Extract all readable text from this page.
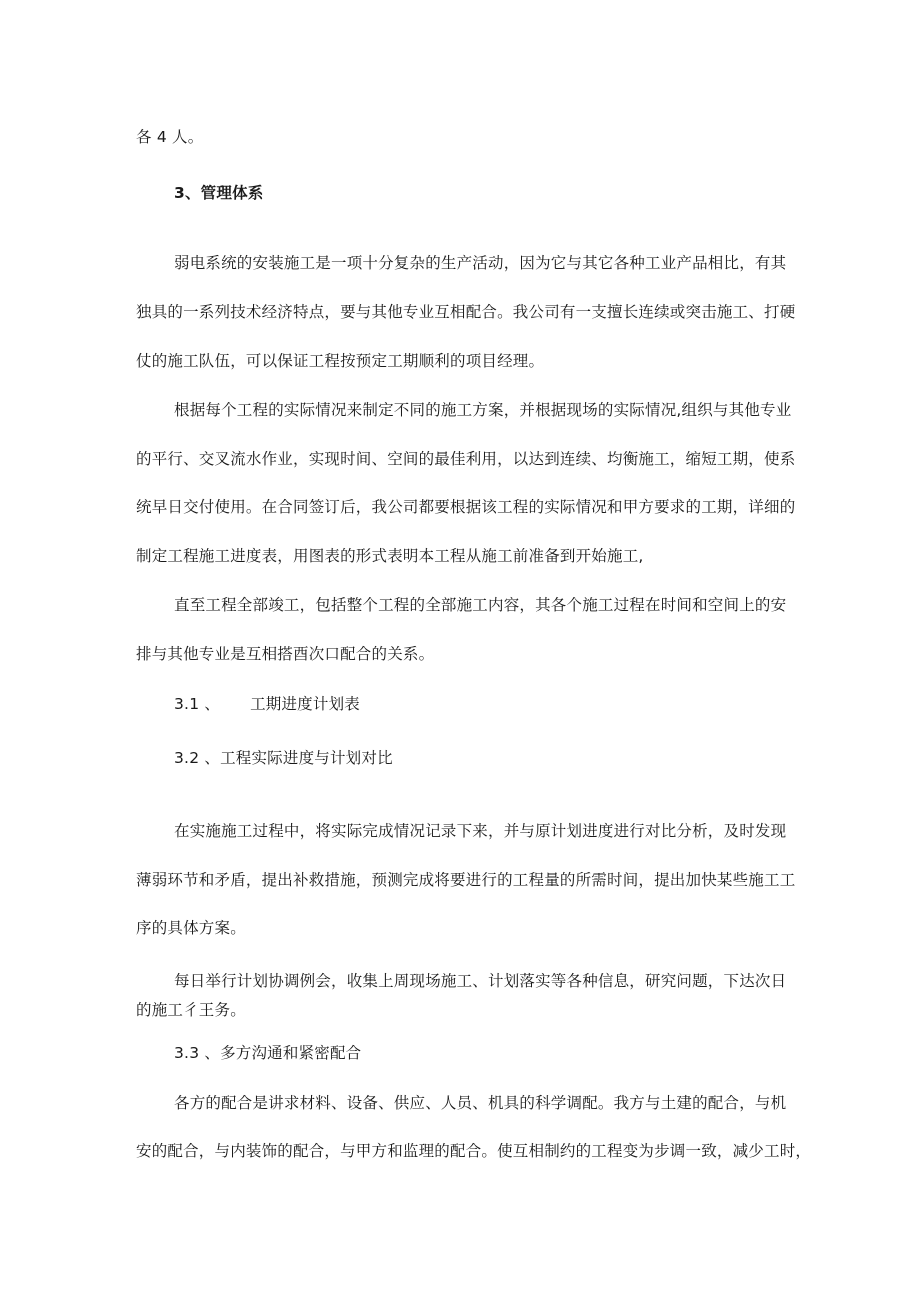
各 4 人。
3、管理体系
弱电系统的安装施工是一项十分复杂的生产活动，因为它与其它各种工业产品相比，有其
独具的一系列技术经济特点，要与其他专业互相配合。我公司有一支擅长连续或突击施工、打硬
仗的施工队伍，可以保证工程按预定工期顺利的项目经理。
根据每个工程的实际情况来制定不同的施工方案，并根据现场的实际情况,组织与其他专业
的平行、交叉流水作业，实现时间、空间的最佳利用，以达到连续、均衡施工，缩短工期，使系
统早日交付使用。在合同签订后，我公司都要根据该工程的实际情况和甲方要求的工期，详细的
制定工程施工进度表，用图表的形式表明本工程从施工前准备到开始施工,
直至工程全部竣工，包括整个工程的全部施工内容，其各个施工过程在时间和空间上的安
排与其他专业是互相搭酉次口配合的关系。
3.1 、 工期进度计划表
3.2 、工程实际进度与计划对比
在实施施工过程中，将实际完成情况记录下来，并与原计划进度进行对比分析，及时发现
薄弱环节和矛盾，提出补救措施，预测完成将要进行的工程量的所需时间，提出加快某些施工工
序的具体方案。
每日举行计划协调例会，收集上周现场施工、计划落实等各种信息，研究问题，下达次日
的施工彳王务。
3.3 、多方沟通和紧密配合
各方的配合是讲求材料、设备、供应、人员、机具的科学调配。我方与土建的配合，与机
安的配合，与内装饰的配合，与甲方和监理的配合。使互相制约的工程变为步调一致，减少工时，
